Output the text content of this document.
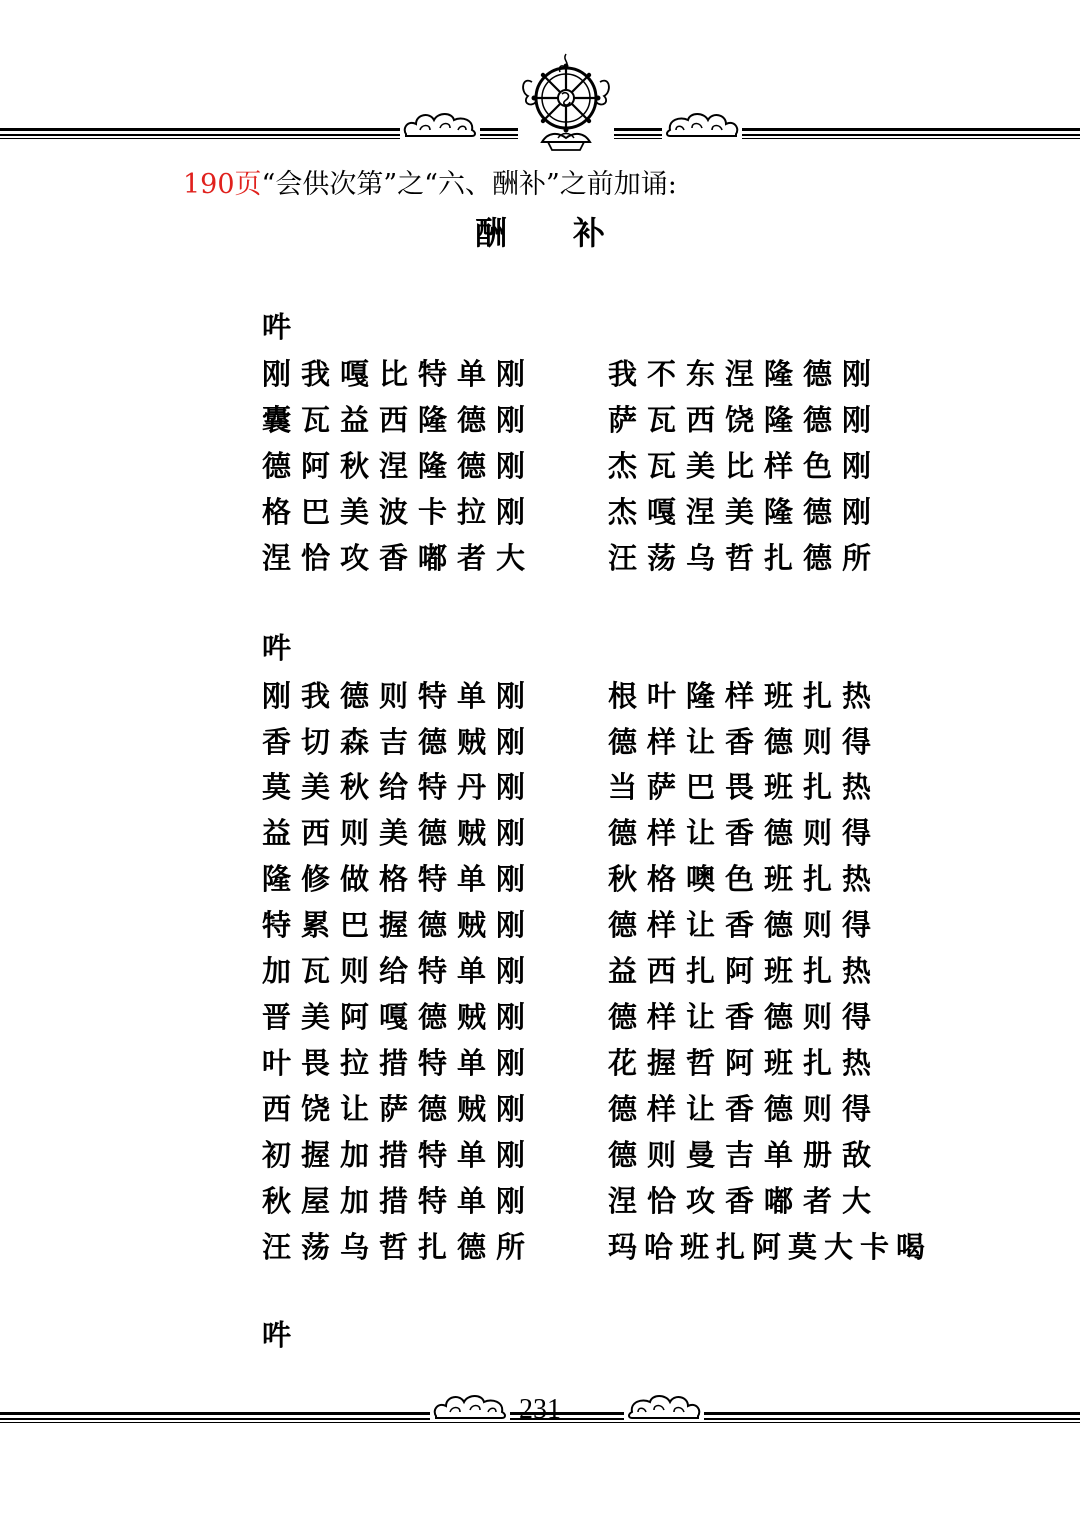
190页“会供次第”之“六、酬补”之前加诵:
酬 补
吽
刚我嘎比特单刚	我不东涅隆德刚
囊瓦益西隆德刚	萨瓦西饶隆德刚
德阿秋涅隆德刚	杰瓦美比样色刚
格巴美波卡拉刚	杰嘎涅美隆德刚
涅恰攻香嘟者大	汪荡乌哲扎德所
吽
刚我德则特单刚	根叶隆样班扎热
香切森吉德贼刚	德样让香德则得
莫美秋给特丹刚	当萨巴畏班扎热
益西则美德贼刚	德样让香德则得
隆修做格特单刚	秋格噢色班扎热
特累巴握德贼刚	德样让香德则得
加瓦则给特单刚	益西扎阿班扎热
晋美阿嘎德贼刚	德样让香德则得
叶畏拉措特单刚	花握哲阿班扎热
西饶让萨德贼刚	德样让香德则得
初握加措特单刚	德则曼吉单册敌
秋屋加措特单刚	涅恰攻香嘟者大
汪荡乌哲扎德所	玛哈班扎阿莫大卡喝
吽
231
